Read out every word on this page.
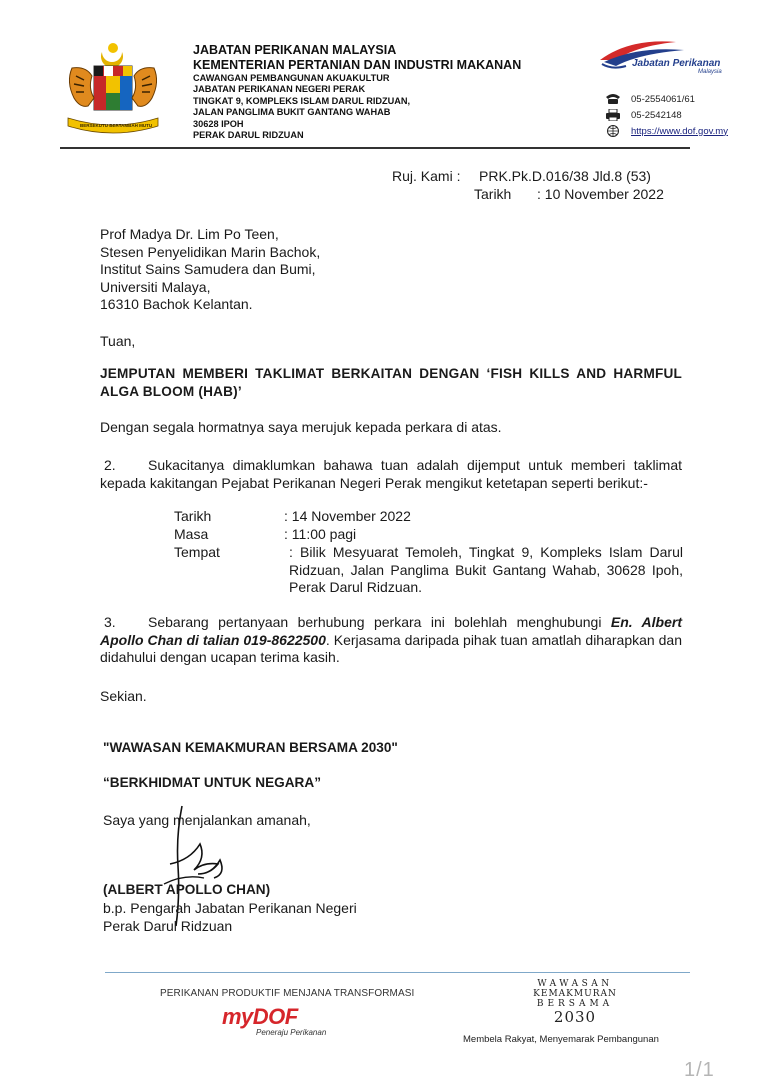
BERSEKUTU BERTAMBAH MUTU
JABATAN PERIKANAN MALAYSIA
KEMENTERIAN PERTANIAN DAN INDUSTRI MAKANAN
CAWANGAN PEMBANGUNAN AKUAKULTUR
JABATAN PERIKANAN NEGERI PERAK
TINGKAT 9, KOMPLEKS ISLAM DARUL RIDZUAN,
JALAN PANGLIMA BUKIT GANTANG WAHAB
30628 IPOH
PERAK DARUL RIDZUAN
Jabatan Perikanan
Malaysia
05-2554061/61
05-2542148
https://www.dof.gov.my
Ruj. Kami : PRK.Pk.D.016/38 Jld.8 (53)
Tarikh : 10 November 2022
Prof Madya Dr. Lim Po Teen,
Stesen Penyelidikan Marin Bachok,
Institut Sains Samudera dan Bumi,
Universiti Malaya,
16310 Bachok Kelantan.
Tuan,
JEMPUTAN MEMBERI TAKLIMAT BERKAITAN DENGAN ‘FISH KILLS AND HARMFUL ALGA BLOOM (HAB)’
Dengan segala hormatnya saya merujuk kepada perkara di atas.
2. Sukacitanya dimaklumkan bahawa tuan adalah dijemput untuk memberi taklimat kepada kakitangan Pejabat Perikanan Negeri Perak mengikut ketetapan seperti berikut:-
Tarikh	: 14 November 2022
Masa	: 11:00 pagi
Tempat	: Bilik Mesyuarat Temoleh, Tingkat 9, Kompleks Islam Darul Ridzuan, Jalan Panglima Bukit Gantang Wahab, 30628 Ipoh, Perak Darul Ridzuan.
3. Sebarang pertanyaan berhubung perkara ini bolehlah menghubungi En. Albert Apollo Chan di talian 019-8622500. Kerjasama daripada pihak tuan amatlah diharapkan dan didahului dengan ucapan terima kasih.
Sekian.
"WAWASAN KEMAKMURAN BERSAMA 2030"
“BERKHIDMAT UNTUK NEGARA”
Saya yang menjalankan amanah,
(ALBERT APOLLO CHAN)
b.p. Pengarah Jabatan Perikanan Negeri
Perak Darul Ridzuan
PERIKANAN PRODUKTIF MENJANA TRANSFORMASI
myDOF
Peneraju Perikanan
WAWASAN
KEMAKMURAN
BERSAMA
2030
Membela Rakyat, Menyemarak Pembangunan
1/1
